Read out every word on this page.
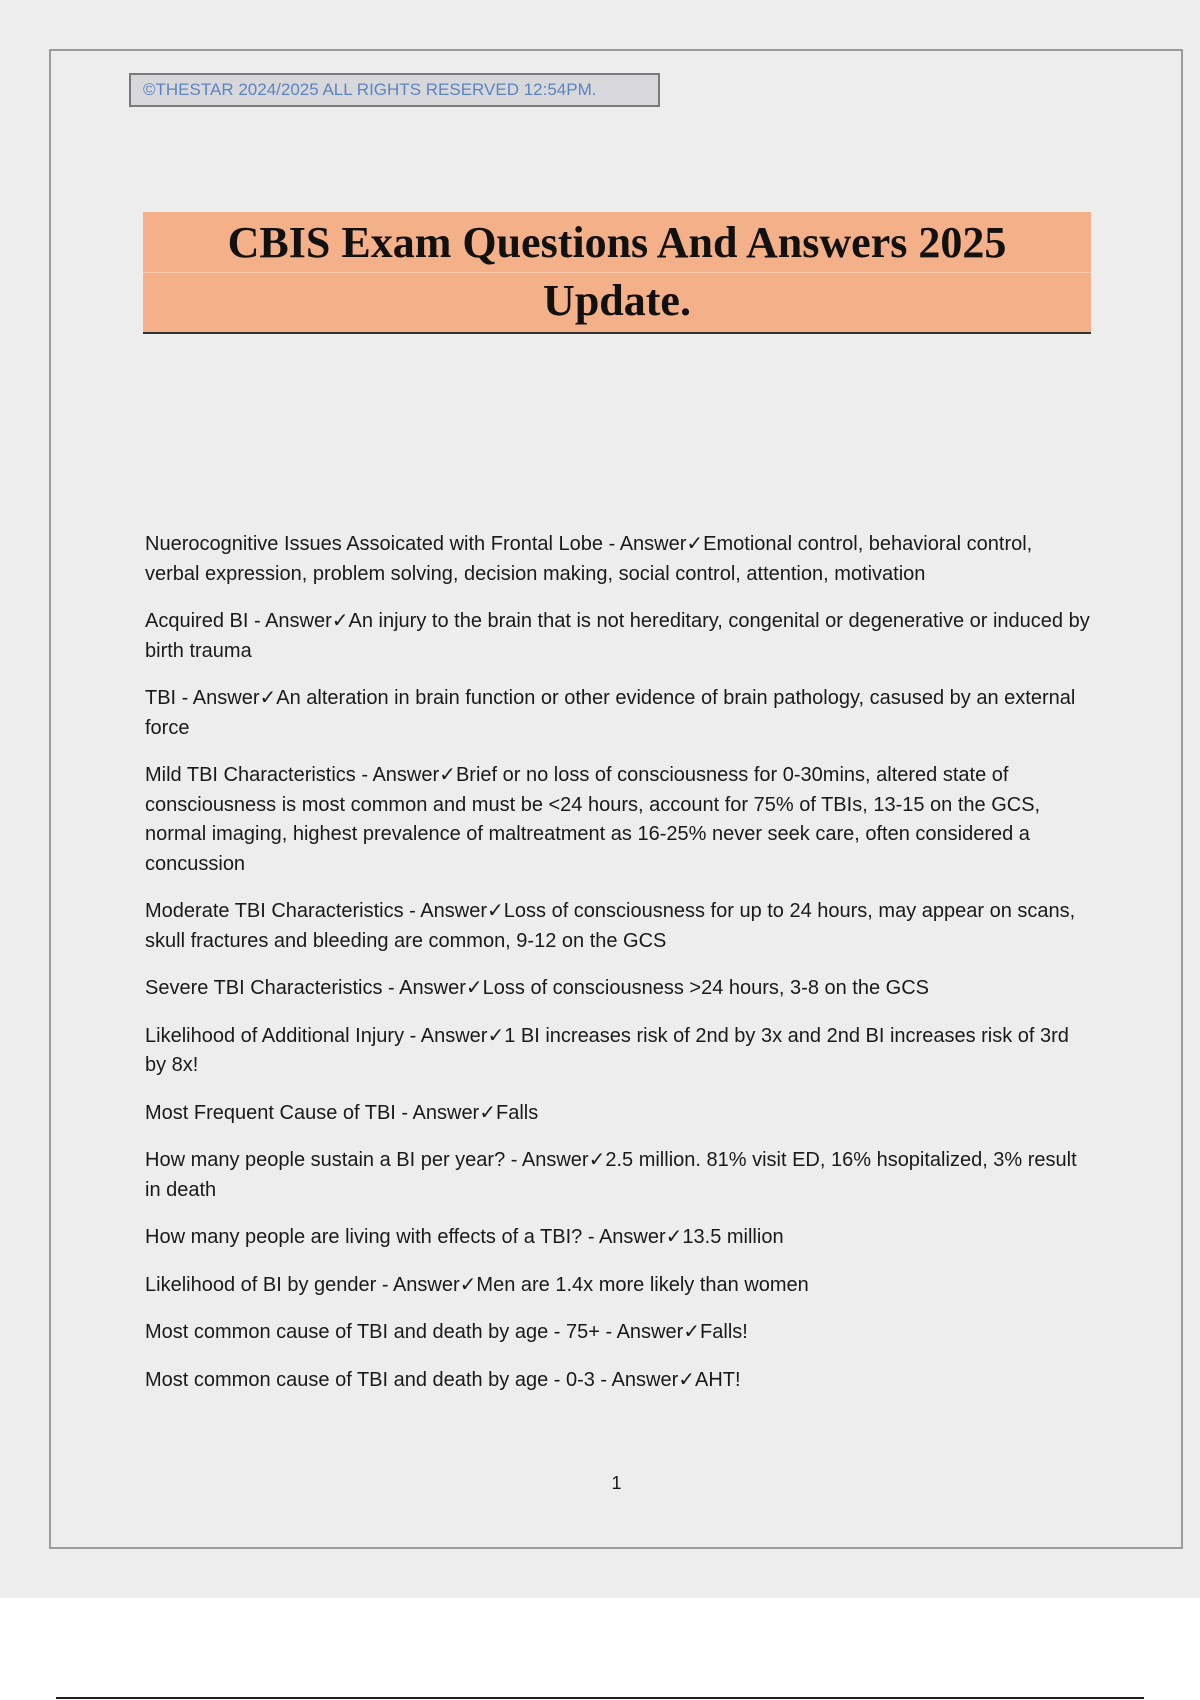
©THESTAR 2024/2025 ALL RIGHTS RESERVED 12:54PM.
CBIS Exam Questions And Answers 2025 Update.
Nuerocognitive Issues Assoicated with Frontal Lobe - Answer✓Emotional control, behavioral control, verbal expression, problem solving, decision making, social control, attention, motivation
Acquired BI - Answer✓An injury to the brain that is not hereditary, congenital or degenerative or induced by birth trauma
TBI - Answer✓An alteration in brain function or other evidence of brain pathology, casused by an external force
Mild TBI Characteristics - Answer✓Brief or no loss of consciousness for 0-30mins, altered state of consciousness is most common and must be <24 hours, account for 75% of TBIs, 13-15 on the GCS, normal imaging, highest prevalence of maltreatment as 16-25% never seek care, often considered a concussion
Moderate TBI Characteristics - Answer✓Loss of consciousness for up to 24 hours, may appear on scans, skull fractures and bleeding are common, 9-12 on the GCS
Severe TBI Characteristics - Answer✓Loss of consciousness >24 hours, 3-8 on the GCS
Likelihood of Additional Injury - Answer✓1 BI increases risk of 2nd by 3x and 2nd BI increases risk of 3rd by 8x!
Most Frequent Cause of TBI - Answer✓Falls
How many people sustain a BI per year? - Answer✓2.5 million. 81% visit ED, 16% hsopitalized, 3% result in death
How many people are living with effects of a TBI? - Answer✓13.5 million
Likelihood of BI by gender - Answer✓Men are 1.4x more likely than women
Most common cause of TBI and death by age - 75+ - Answer✓Falls!
Most common cause of TBI and death by age - 0-3 - Answer✓AHT!
1
